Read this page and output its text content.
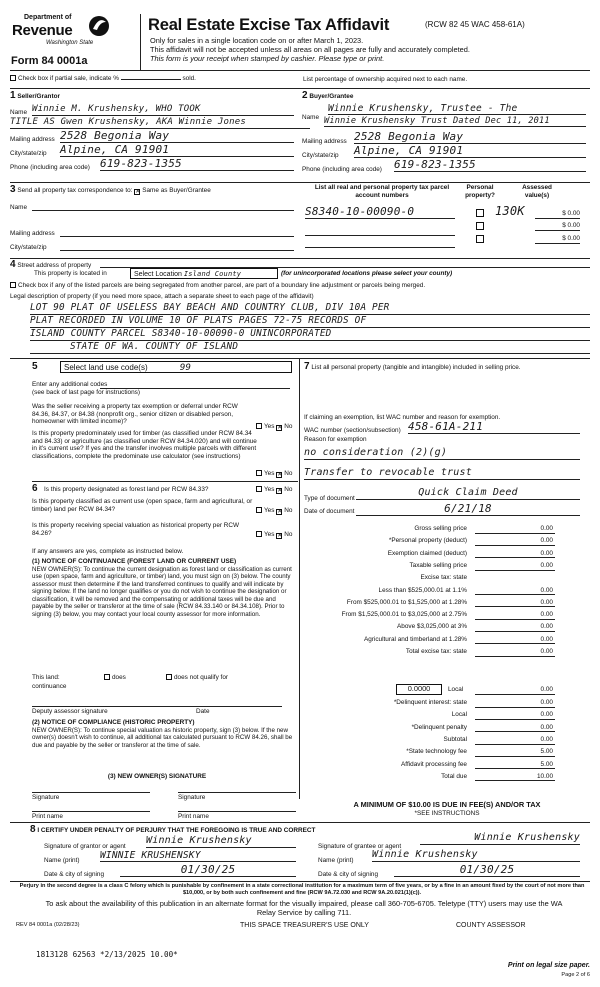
Department of
Revenue
Washington State
Form 84 0001a
Real Estate Excise Tax Affidavit	(RCW 82 45 WAC 458-61A)
Only for sales in a single location code on or after March 1, 2023.
This affidavit will not be accepted unless all areas on all pages are fully and accurately completed.
This form is your receipt when stamped by cashier. Please type or print.
Check box if partial sale, indicate %	sold.	List percentage of ownership acquired next to each name.
1 Seller/Grantor
Name Winnie M. Krushensky, WHO TOOK
TITLE AS Gwen Krushensky, AKA Winnie Jones
Mailing address 2528 Begonia Way
City/state/zip Alpine, CA 91901
Phone (including area code) 619-823-1355
2 Buyer/Grantee
Name
Winnie Krushensky, Trustee - The
Winnie Krushensky Trust Dated Dec 11, 2011
Mailing address 2528 Begonia Way
City/state/zip Alpine, CA 91901
Phone (including area code) 619-823-1355
3 Send all property tax correspondence to: ✕ Same as Buyer/Grantee
Name
Mailing address
City/state/zip
List all real and personal property tax parcel account numbers
Personal property?
Assessed value(s)
S8340-10-00090-0	130K	$ 0.00
$ 0.00
$ 0.00
4 Street address of property
This property is located in	Select Location Island County	(for unincorporated locations please select your county)
Check box if any of the listed parcels are being segregated from another parcel, are part of a boundary line adjustment or parcels being merged.
Legal description of property (if you need more space, attach a separate sheet to each page of the affidavit)
LOT 90 PLAT OF USELESS BAY BEACH AND COUNTRY CLUB, DIV 10A PER
PLAT RECORDED IN VOLUME 10 OF PLATS PAGES 72-75 RECORDS OF
ISLAND COUNTY PARCEL S8340-10-00090-0 UNINCORPORATED
STATE OF WA. COUNTY OF ISLAND
5	Select land use code(s)	99
Enter any additional codes
(see back of last page for instructions)
Was the seller receiving a property tax exemption or deferral under RCW 84.36, 84.37, or 84.38 (nonprofit org., senior citizen or disabled person, homeowner with limited income)?
Yes ✕ No
Is this property predominately used for timber (as classified under RCW 84.34 and 84.33) or agriculture (as classified under RCW 84.34.020) and will continue in it's current use? If yes and the transfer involves multiple parcels with different classifications, complete the predominate use calculator (see instructions)
Yes ✕ No
6 Is this property designated as forest land per RCW 84.33?	Yes ✕ No
Is this property classified as current use (open space, farm and agricultural, or timber) land per RCW 84.34?	Yes ✕ No
Is this property receiving special valuation as historical property per RCW 84.26?	Yes ✕ No
If any answers are yes, complete as instructed below.
(1) NOTICE OF CONTINUANCE (FOREST LAND OR CURRENT USE)
NEW OWNER(S): To continue the current designation as forest land or classification as current use (open space, farm and agriculture, or timber) land, you must sign on (3) below. The county assessor must then determine if the land transferred continues to qualify and will indicate by signing below. If the land no longer qualifies or you do not wish to continue the designation or classification, it will be removed and the compensating or additional taxes will be due and payable by the seller or transferor at the time of sale (RCW 84.33.140 or 84.34.108). Prior to signing (3) below, you may contact your local county assessor for more information.
This land:	does	does not qualify for
continuance
Deputy assessor signature	Date
(2) NOTICE OF COMPLIANCE (HISTORIC PROPERTY)
NEW OWNER(S): To continue special valuation as historic property, sign (3) below. If the new owner(s) doesn't wish to continue, all additional tax calculated pursuant to RCW 84.26, shall be due and payable by the seller or transferor at the time of sale.
(3) NEW OWNER(S) SIGNATURE
Signature	Signature
Print name	Print name
7 List all personal property (tangible and intangible) included in selling price.
If claiming an exemption, list WAC number and reason for exemption.
WAC number (section/subsection) 458-61A-211
Reason for exemption
no consideration (2)(g)
Transfer to revocable trust
Type of document
Quick Claim Deed
Date of document	6/21/18
Gross selling price	0.00
*Personal property (deduct)	0.00
Exemption claimed (deduct)	0.00
Taxable selling price	0.00
Excise tax: state
Less than $525,000.01 at 1.1%	0.00
From $525,000.01 to $1,525,000 at 1.28%	0.00
From $1,525,000.01 to $3,025,000 at 2.75%	0.00
Above $3,025,000 at 3%	0.00
Agricultural and timberland at 1.28%	0.00
Total excise tax: state	0.00
0.0000	Local	0.00
*Delinquent interest: state	0.00
Local	0.00
*Delinquent penalty	0.00
Subtotal	0.00
*State technology fee	5.00
Affidavit processing fee	5.00
Total due	10.00
A MINIMUM OF $10.00 IS DUE IN FEE(S) AND/OR TAX
*SEE INSTRUCTIONS
8 I CERTIFY UNDER PENALTY OF PERJURY THAT THE FOREGOING IS TRUE AND CORRECT
Signature of grantor or agent
Winnie Krushensky
Name (print) WINNIE KRUSHENSKY
Date & city of signing	01/30/25
Signature of grantee or agent
Winnie Krushensky
Name (print)
Winnie Krushensky
Date & city of signing	01/30/25
Perjury in the second degree is a class C felony which is punishable by confinement in a state correctional institution for a maximum term of five years, or by a fine in an amount fixed by the court of not more than $10,000, or by both such confinement and fine (RCW 9A.72.030 and RCW 9A.20.021(1)(c)).
To ask about the availability of this publication in an alternate format for the visually impaired, please call 360-705-6705. Teletype (TTY) users may use the WA Relay Service by calling 711.
REV 84 0001a (02/28/23)	THIS SPACE TREASURER'S USE ONLY	COUNTY ASSESSOR
1813128 62563 *2/13/2025 10.00*
Print on legal size paper.
Page 2 of 6
